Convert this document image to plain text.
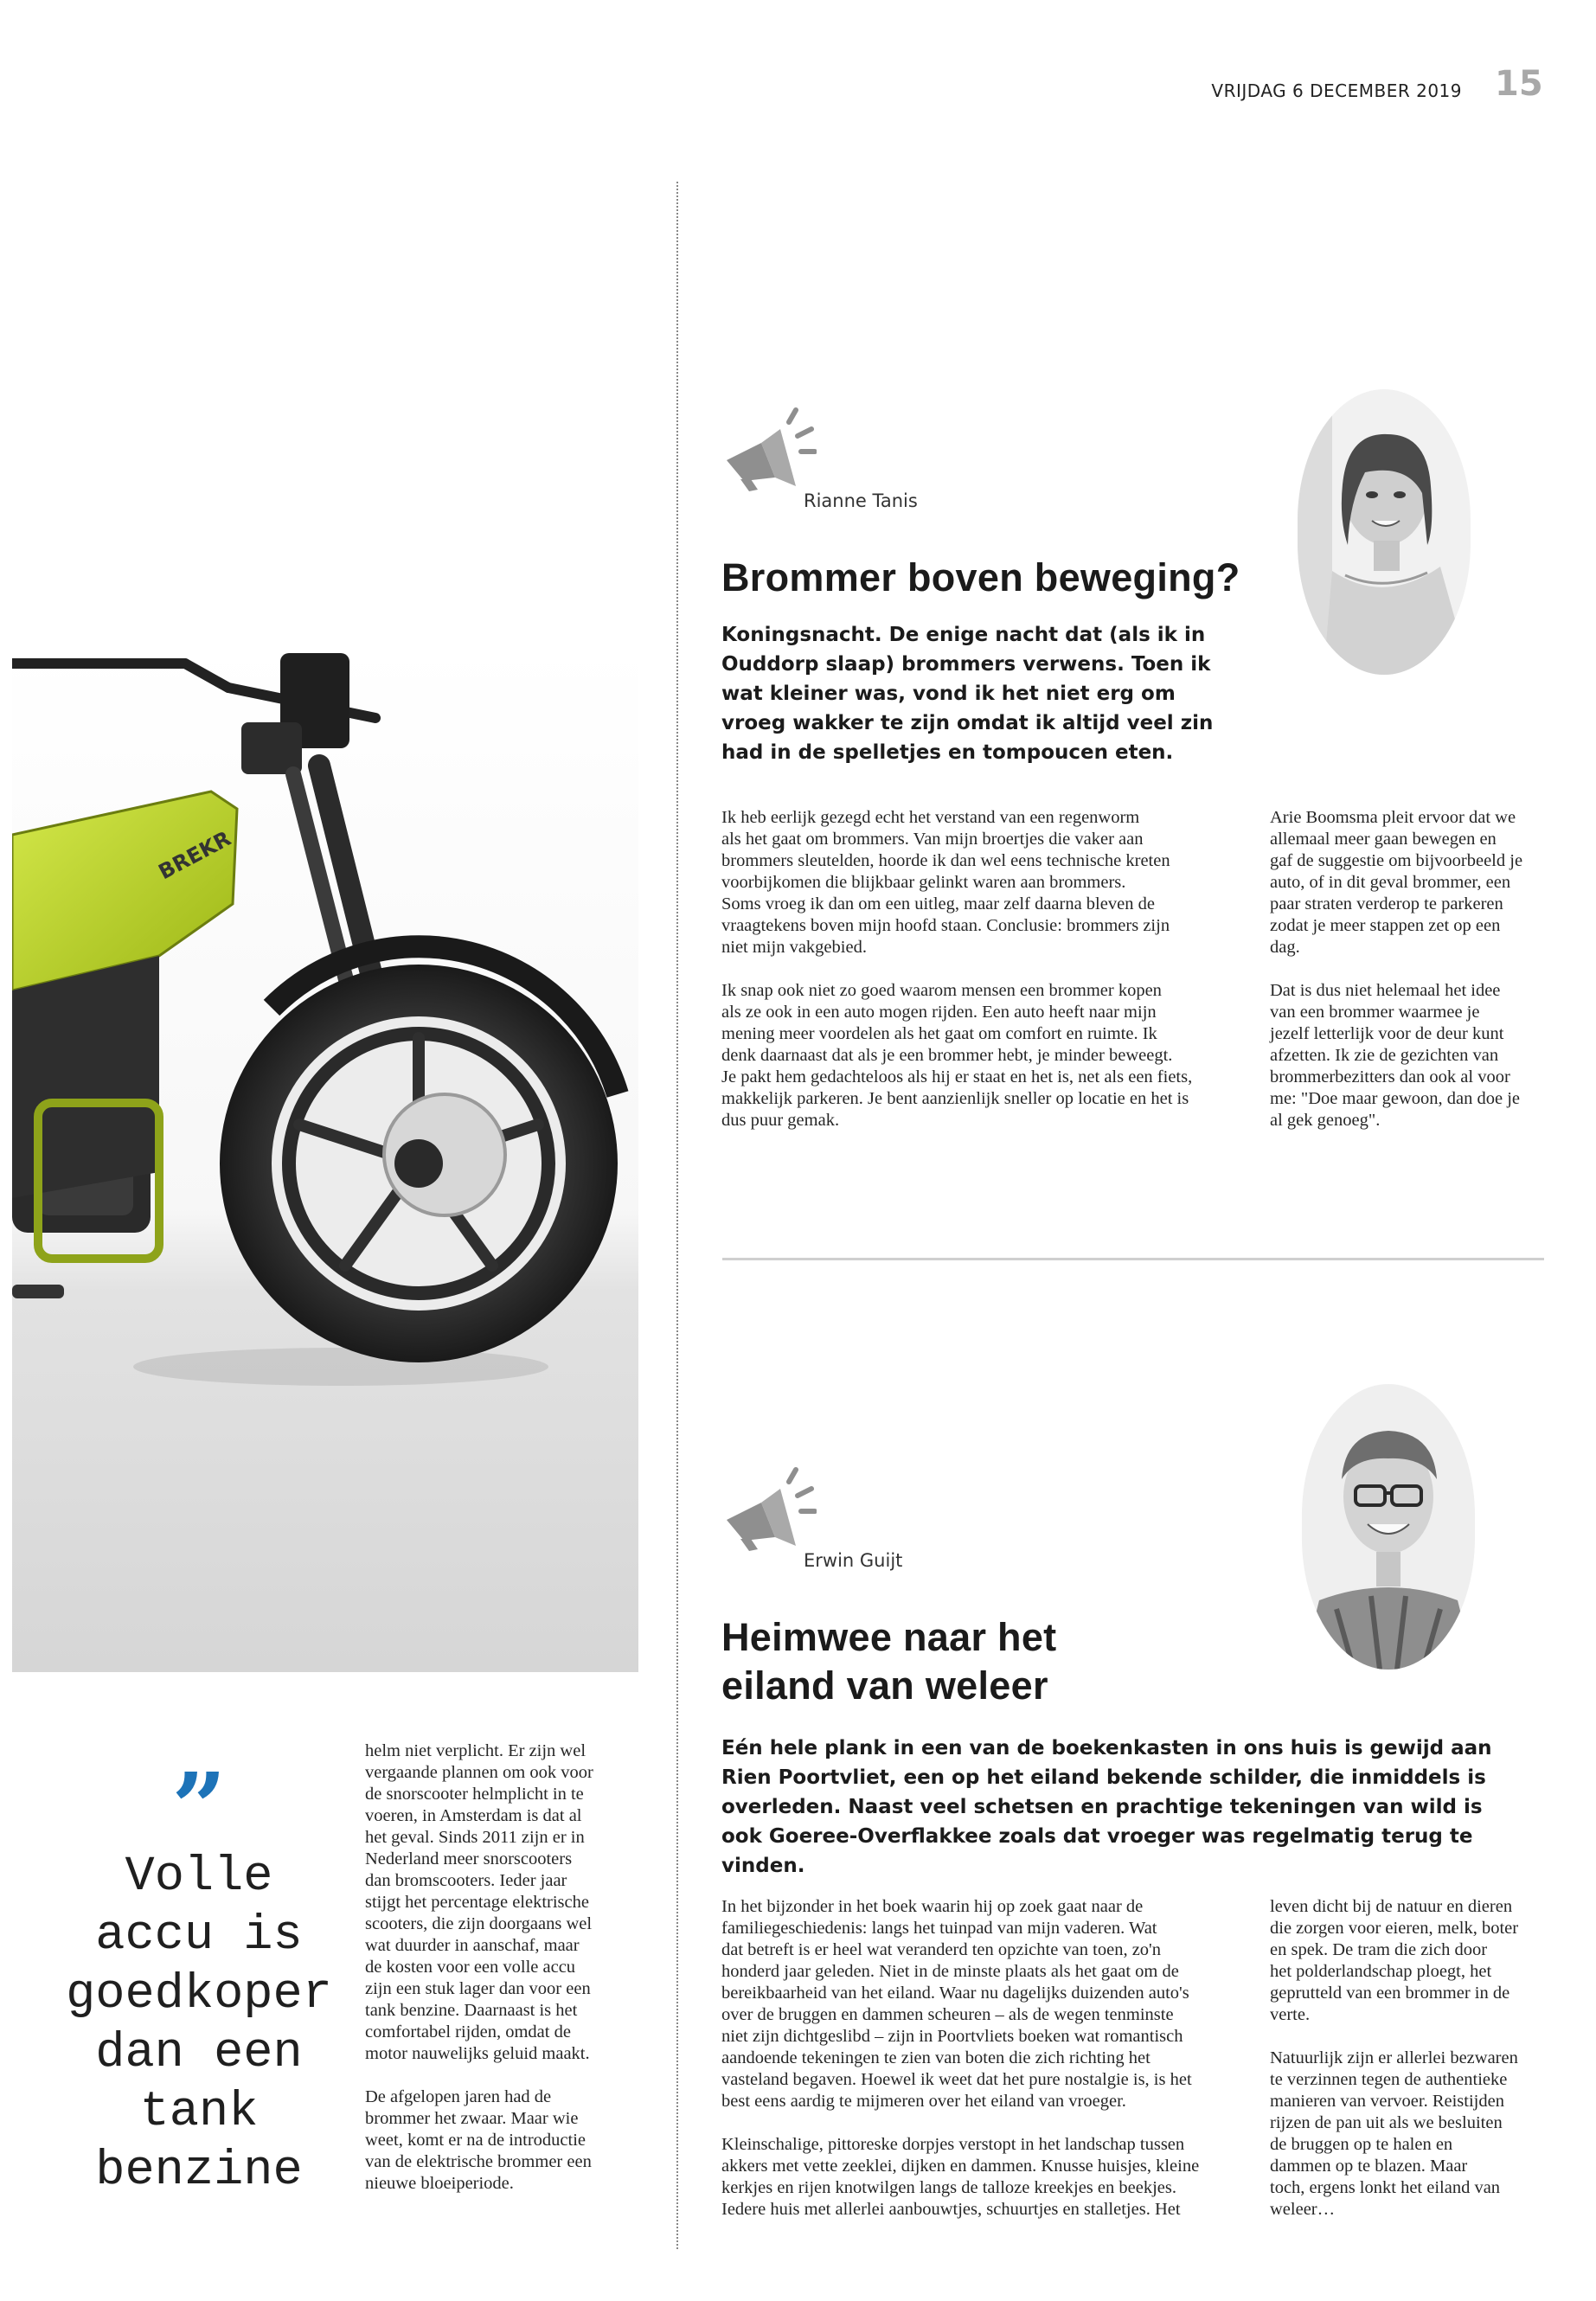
VRIJDAG 6 DECEMBER 2019 15
BREKR
Rianne Tanis
Brommer boven beweging?
Koningsnacht. De enige nacht dat (als ik in Ouddorp slaap) brommers verwens. Toen ik wat kleiner was, vond ik het niet erg om vroeg wakker te zijn omdat ik altijd veel zin had in de spelletjes en tompoucen eten.

Ik heb eerlijk gezegd echt het verstand van een regenworm
als het gaat om brommers. Van mijn broertjes die vaker aan
brommers sleutelden, hoorde ik dan wel eens technische kreten
voorbijkomen die blijkbaar gelinkt waren aan brommers.
Soms vroeg ik dan om een uitleg, maar zelf daarna bleven de
vraagtekens boven mijn hoofd staan. Conclusie: brommers zijn
niet mijn vakgebied.

Ik snap ook niet zo goed waarom mensen een brommer kopen
als ze ook in een auto mogen rijden. Een auto heeft naar mijn
mening meer voordelen als het gaat om comfort en ruimte. Ik
denk daarnaast dat als je een brommer hebt, je minder beweegt.
Je pakt hem gedachteloos als hij er staat en het is, net als een fiets,
makkelijk parkeren. Je bent aanzienlijk sneller op locatie en het is
dus puur gemak.

Arie Boomsma pleit ervoor dat we
allemaal meer gaan bewegen en
gaf de suggestie om bijvoorbeeld je
auto, of in dit geval brommer, een
paar straten verderop te parkeren
zodat je meer stappen zet op een
dag.

Dat is dus niet helemaal het idee
van een brommer waarmee je
jezelf letterlijk voor de deur kunt
afzetten. Ik zie de gezichten van
brommerbezitters dan ook al voor
me: "Doe maar gewoon, dan doe je
al gek genoeg".

Erwin Guijt
Heimwee naar het
eiland van weleer
Eén hele plank in een van de boekenkasten in ons huis is gewijd aan Rien Poortvliet, een op het eiland bekende schilder, die inmiddels is overleden. Naast veel schetsen en prachtige tekeningen van wild is ook Goeree-Overflakkee zoals dat vroeger was regelmatig terug te vinden.

In het bijzonder in het boek waarin hij op zoek gaat naar de
familiegeschiedenis: langs het tuinpad van mijn vaderen. Wat
dat betreft is er heel wat veranderd ten opzichte van toen, zo'n
honderd jaar geleden. Niet in de minste plaats als het gaat om de
bereikbaarheid van het eiland. Waar nu dagelijks duizenden auto's
over de bruggen en dammen scheuren – als de wegen tenminste
niet zijn dichtgeslibd – zijn in Poortvliets boeken wat romantisch
aandoende tekeningen te zien van boten die zich richting het
vasteland begaven. Hoewel ik weet dat het pure nostalgie is, is het
best eens aardig te mijmeren over het eiland van vroeger.

Kleinschalige, pittoreske dorpjes verstopt in het landschap tussen
akkers met vette zeeklei, dijken en dammen. Knusse huisjes, kleine
kerkjes en rijen knotwilgen langs de talloze kreekjes en beekjes.
Iedere huis met allerlei aanbouwtjes, schuurtjes en stalletjes. Het

leven dicht bij de natuur en dieren
die zorgen voor eieren, melk, boter
en spek. De tram die zich door
het polderlandschap ploegt, het
geprutteld van een brommer in de
verte.

Natuurlijk zijn er allerlei bezwaren
te verzinnen tegen de authentieke
manieren van vervoer. Reistijden
rijzen de pan uit als we besluiten
de bruggen op te halen en
dammen op te blazen. Maar
toch, ergens lonkt het eiland van
weleer…

”
Volle
accu is
goedkoper
dan een
tank
benzine

helm niet verplicht. Er zijn wel
vergaande plannen om ook voor
de snorscooter helmplicht in te
voeren, in Amsterdam is dat al
het geval. Sinds 2011 zijn er in
Nederland meer snorscooters
dan bromscooters. Ieder jaar
stijgt het percentage elektrische
scooters, die zijn doorgaans wel
wat duurder in aanschaf, maar
de kosten voor een volle accu
zijn een stuk lager dan voor een
tank benzine. Daarnaast is het
comfortabel rijden, omdat de
motor nauwelijks geluid maakt.

De afgelopen jaren had de
brommer het zwaar. Maar wie
weet, komt er na de introductie
van de elektrische brommer een
nieuwe bloeiperiode.
